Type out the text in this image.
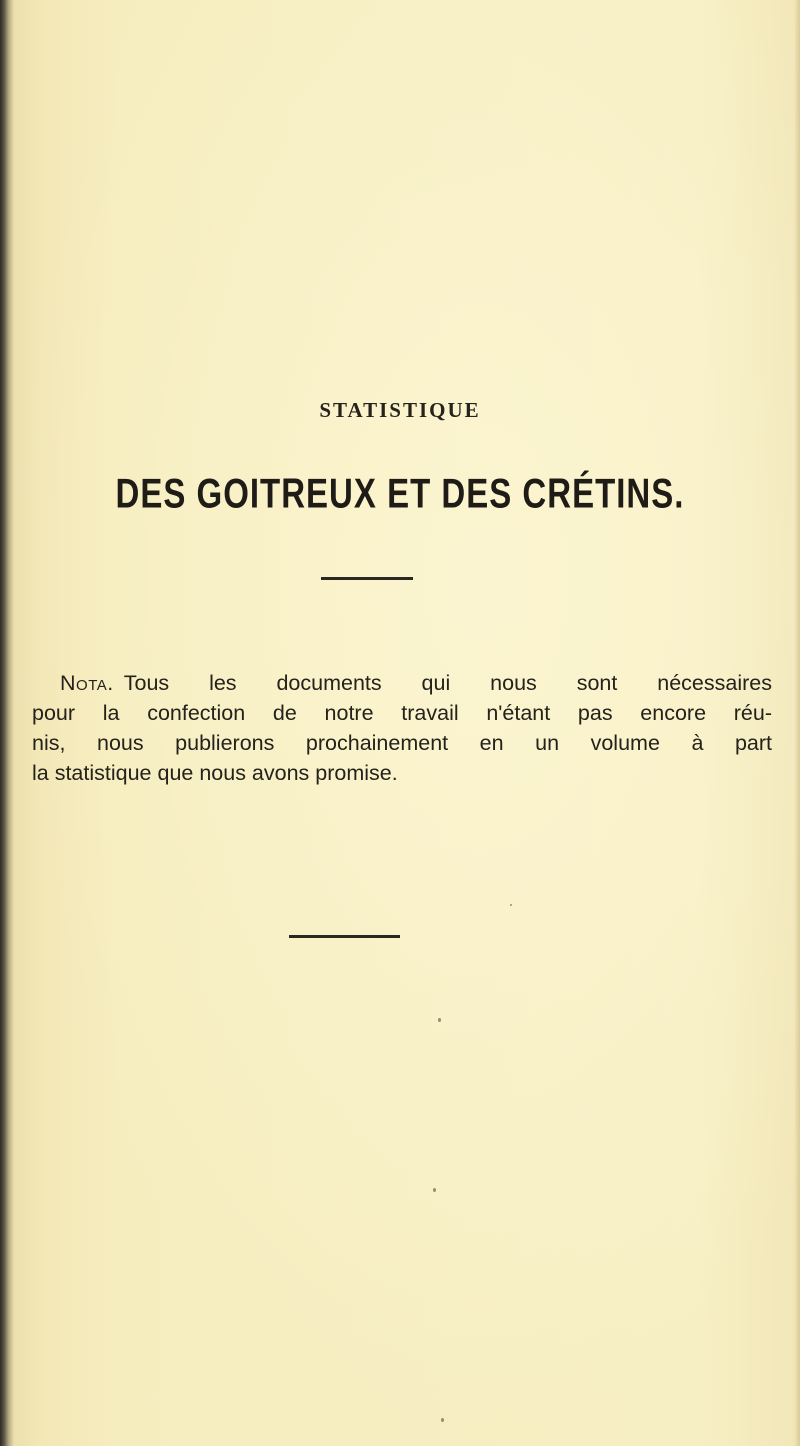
STATISTIQUE
DES GOITREUX ET DES CRÉTINS.
Nota. Tous les documents qui nous sont nécessaires
pour la confection de notre travail n'étant pas encore réu-
nis, nous publierons prochainement en un volume à part
la statistique que nous avons promise.
